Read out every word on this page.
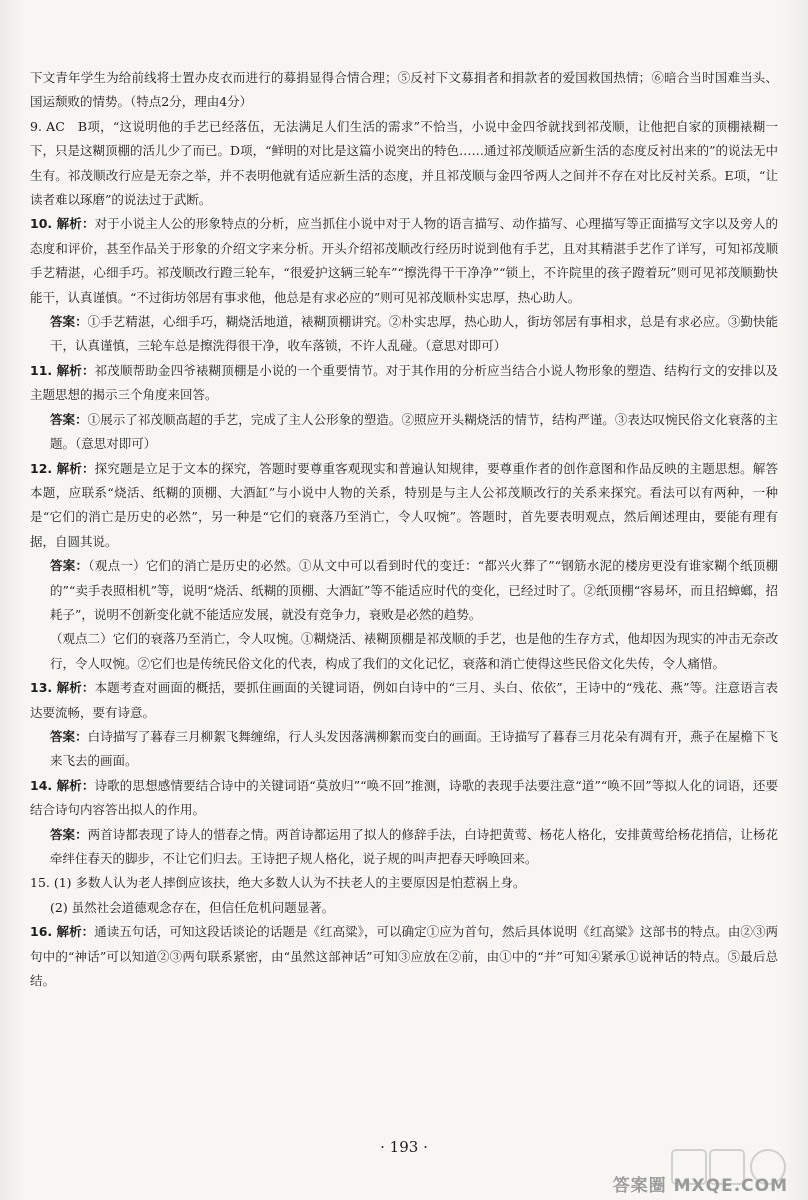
下文青年学生为给前线将士置办皮衣而进行的募捐显得合情合理；⑤反衬下文募捐者和捐款者的爱国救国热情；⑥暗合当时国难当头、国运颓败的情势。（特点2分，理由4分）

9. AC　B项，“这说明他的手艺已经落伍，无法满足人们生活的需求”不恰当，小说中金四爷就找到祁茂顺，让他把自家的顶棚裱糊一下，只是这糊顶棚的活儿少了而已。D项，“鲜明的对比是这篇小说突出的特色……通过祁茂顺适应新生活的态度反衬出来的”的说法无中生有。祁茂顺改行应是无奈之举，并不表明他就有适应新生活的态度，并且祁茂顺与金四爷两人之间并不存在对比反衬关系。E项，“让读者难以琢磨”的说法过于武断。

10. 解析：对于小说主人公的形象特点的分析，应当抓住小说中对于人物的语言描写、动作描写、心理描写等正面描写文字以及旁人的态度和评价，甚至作品关于形象的介绍文字来分析。开头介绍祁茂顺改行经历时说到他有手艺，且对其精湛手艺作了详写，可知祁茂顺手艺精湛，心细手巧。祁茂顺改行蹬三轮车，“很爱护这辆三轮车”“擦洗得干干净净”“锁上，不许院里的孩子蹬着玩”则可见祁茂顺勤快能干，认真谨慎。“不过街坊邻居有事求他，他总是有求必应的”则可见祁茂顺朴实忠厚，热心助人。

答案：①手艺精湛，心细手巧，糊烧活地道，裱糊顶棚讲究。②朴实忠厚，热心助人，街坊邻居有事相求，总是有求必应。③勤快能干，认真谨慎，三轮车总是擦洗得很干净，收车落锁，不许人乱碰。（意思对即可）

11. 解析：祁茂顺帮助金四爷裱糊顶棚是小说的一个重要情节。对于其作用的分析应当结合小说人物形象的塑造、结构行文的安排以及主题思想的揭示三个角度来回答。

答案：①展示了祁茂顺高超的手艺，完成了主人公形象的塑造。②照应开头糊烧活的情节，结构严谨。③表达叹惋民俗文化衰落的主题。（意思对即可）

12. 解析：探究题是立足于文本的探究，答题时要尊重客观现实和普遍认知规律，要尊重作者的创作意图和作品反映的主题思想。解答本题，应联系“烧活、纸糊的顶棚、大酒缸”与小说中人物的关系，特别是与主人公祁茂顺改行的关系来探究。看法可以有两种，一种是“它们的消亡是历史的必然”，另一种是“它们的衰落乃至消亡，令人叹惋”。答题时，首先要表明观点，然后阐述理由，要能有理有据，自圆其说。

答案：（观点一）它们的消亡是历史的必然。①从文中可以看到时代的变迁：“都兴火葬了”“钢筋水泥的楼房更没有谁家糊个纸顶棚的”“卖手表照相机”等，说明“烧活、纸糊的顶棚、大酒缸”等不能适应时代的变化，已经过时了。②纸顶棚“容易坏，而且招蟑螂，招耗子”，说明不创新变化就不能适应发展，就没有竞争力，衰败是必然的趋势。

（观点二）它们的衰落乃至消亡，令人叹惋。①糊烧活、裱糊顶棚是祁茂顺的手艺，也是他的生存方式，他却因为现实的冲击无奈改行，令人叹惋。②它们也是传统民俗文化的代表，构成了我们的文化记忆，衰落和消亡使得这些民俗文化失传，令人痛惜。

13. 解析：本题考查对画面的概括，要抓住画面的关键词语，例如白诗中的“三月、头白、依依”，王诗中的“残花、燕”等。注意语言表达要流畅，要有诗意。

答案：白诗描写了暮春三月柳絮飞舞缠绵，行人头发因落满柳絮而变白的画面。王诗描写了暮春三月花朵有凋有开，燕子在屋檐下飞来飞去的画面。

14. 解析：诗歌的思想感情要结合诗中的关键词语“莫放归”“唤不回”推测，诗歌的表现手法要注意“道”“唤不回”等拟人化的词语，还要结合诗句内容答出拟人的作用。

答案：两首诗都表现了诗人的惜春之情。两首诗都运用了拟人的修辞手法，白诗把黄莺、杨花人格化，安排黄莺给杨花捎信，让杨花牵绊住春天的脚步，不让它们归去。王诗把子规人格化，说子规的叫声把春天呼唤回来。

15. (1) 多数人认为老人摔倒应该扶，绝大多数人认为不扶老人的主要原因是怕惹祸上身。

(2) 虽然社会道德观念存在，但信任危机问题显著。

16. 解析：通读五句话，可知这段话谈论的话题是《红高粱》，可以确定①应为首句，然后具体说明《红高粱》这部书的特点。由②③两句中的“神话”可以知道②③两句联系紧密，由“虽然这部神话”可知③应放在②前，由①中的“并”可知④紧承①说神话的特点。⑤最后总结。

· 193 ·
答案圈 MXQE.COM
